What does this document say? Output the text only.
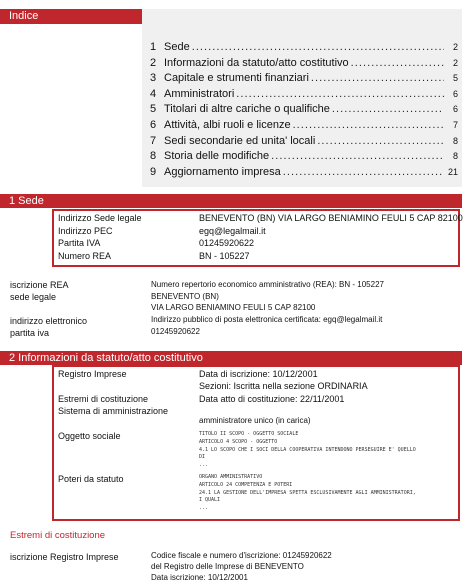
Indice
1 Sede . . .	2
2 Informazioni da statuto/atto costitutivo . . .	2
3 Capitale e strumenti finanziari . . .	5
4 Amministratori . . .	6
5 Titolari di altre cariche o qualifiche . . .	6
6 Attività, albi ruoli e licenze . . .	7
7 Sedi secondarie ed unita' locali . . .	8
8 Storia delle modifiche . . .	8
9 Aggiornamento impresa . . .	21
1 Sede
Indirizzo Sede legale	BENEVENTO (BN) VIA LARGO BENIAMINO FEULI 5 CAP 82100
Indirizzo PEC	egq@legalmail.it
Partita IVA	01245920622
Numero REA	BN - 105227
iscrizione REA	Numero repertorio economico amministrativo (REA): BN - 105227
sede legale	BENEVENTO (BN)
VIA LARGO BENIAMINO FEULI 5 CAP 82100
indirizzo elettronico	Indirizzo pubblico di posta elettronica certificata: egq@legalmail.it
partita iva	01245920622
2 Informazioni da statuto/atto costitutivo
Registro Imprese	Data di iscrizione: 10/12/2001
Sezioni: Iscritta nella sezione ORDINARIA
Estremi di costituzione	Data atto di costituzione: 22/11/2001
Sistema di amministrazione
amministratore unico (in carica)
Oggetto sociale	TITOLO II SCOPO - OGGETTO SOCIALE
ARTICOLO 4 SCOPO - OGGETTO
4.1 LO SCOPO CHE I SOCI DELLA COOPERATIVA INTENDONO PERSEGUIRE E' QUELLO
DI
...
Poteri da statuto	ORGANO AMMINISTRATIVO
ARTICOLO 24 COMPETENZA E POTERI
24.1 LA GESTIONE DELL'IMPRESA SPETTA ESCLUSIVAMENTE AGLI AMMINISTRATORI,
I QUALI
...
Estremi di costituzione
iscrizione Registro Imprese	Codice fiscale e numero d'iscrizione: 01245920622
del Registro delle Imprese di BENEVENTO
Data iscrizione: 10/12/2001
